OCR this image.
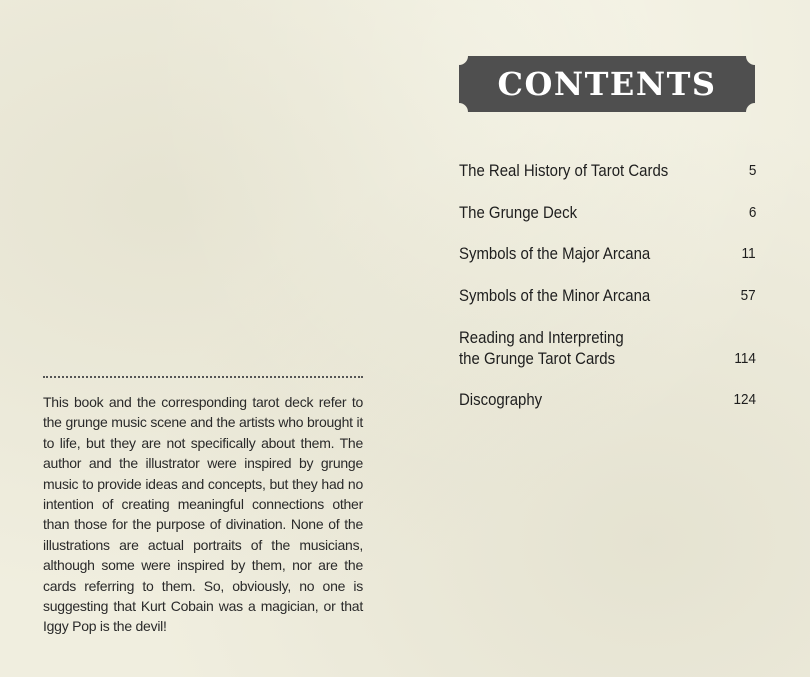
CONTENTS
The Real History of Tarot Cards	5
The Grunge Deck	6
Symbols of the Major Arcana	11
Symbols of the Minor Arcana	57
Reading and Interpreting
the Grunge Tarot Cards	114
Discography	124

This book and the corresponding tarot deck refer to the grunge music scene and the artists who brought it to life, but they are not specifically about them. The author and the illustrator were inspired by grunge music to provide ideas and concepts, but they had no intention of creating meaningful connections other than those for the purpose of divination. None of the illustrations are actual portraits of the musicians, although some were inspired by them, nor are the cards referring to them. So, obviously, no one is suggesting that Kurt Cobain was a magician, or that Iggy Pop is the devil!
